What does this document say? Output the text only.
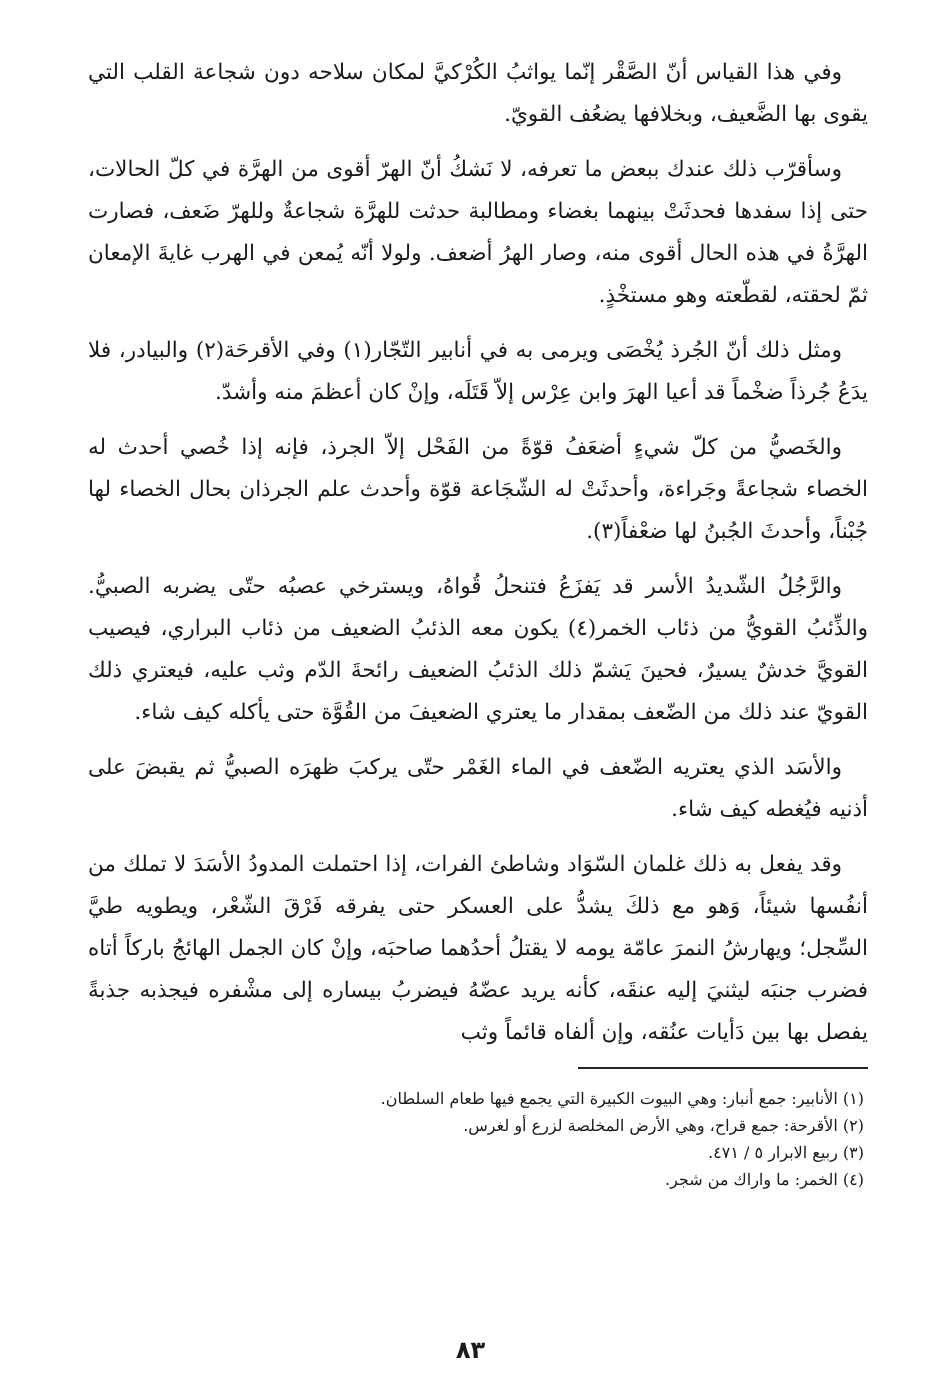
وفي هذا القياس أنّ الصَّقْر إنّما يواثبُ الكُرْكيَّ لمكان سلاحه دون شجاعة القلب التي يقوى بها الضَّعيف، وبخلافها يضعُف القويّ.

وسأقرّب ذلك عندك ببعض ما تعرفه، لا نَشكُ أنّ الهرّ أقوى من الهرَّة في كلّ الحالات، حتى إذا سفدها فحدثَتْ بينهما بغضاء ومطالبة حدثت للهرَّة شجاعةٌ وللهرّ ضَعف، فصارت الهرَّةُ في هذه الحال أقوى منه، وصار الهرُ أضعف. ولولا أنّه يُمعن في الهرب غايةَ الإمعان ثمّ لحقته، لقطّعته وهو مستخْذٍ.

ومثل ذلك أنّ الجُرذ يُخْصَى ويرمى به في أنابير التّجّار(١) وفي الأقرحَة(٢) والبيادر، فلا يدَعُ جُرذاً ضخْماً قد أعيا الهرَ وابن عِرْس إلاّ قَتَلَه، وإنْ كان أعظمَ منه وأشدّ.

والخَصيُّ من كلّ شيءٍ أضعَفُ قوّةً من الفَحْل إلاّ الجرذ، فإنه إذا خُصي أحدث له الخصاء شجاعةً وجَراءة، وأحدثَتْ له الشّجَاعة قوّة وأحدث علم الجرذان بحال الخصاء لها جُبْناً، وأحدثَ الجُبنُ لها ضعْفاً(٣).

والرَّجُلُ الشّديدُ الأسر قد يَفزَعُ فتنحلُ قُواهُ، ويسترخي عصبُه حتّى يضربه الصبيُّ. والذِّئبُ القويُّ من ذئاب الخمر(٤) يكون معه الذئبُ الضعيف من ذئاب البراري، فيصيب القويَّ خدشٌ يسيرٌ، فحينَ يَشمّ ذلك الذئبُ الضعيف رائحةَ الدّم وثب عليه، فيعتري ذلك القويّ عند ذلك من الضّعف بمقدار ما يعتري الضعيفَ من القُوَّة حتى يأكله كيف شاء.

والأسَد الذي يعتريه الضّعف في الماء الغَمْر حتّى يركبَ ظهرَه الصبيُّ ثم يقبضَ على أذنيه فيُغطه كيف شاء.

وقد يفعل به ذلك غلمان السّوَاد وشاطئ الفرات، إذا احتملت المدودُ الأسَدَ لا تملك من أنفُسها شيئاً، وَهو مع ذلكَ يشدُّ على العسكر حتى يفرقه فَرْقَ الشّعْر، ويطويه طيَّ السِّجل؛ ويهارشُ النمرَ عامّة يومه لا يقتلُ أحدُهما صاحبَه، وإنْ كان الجمل الهائجُ باركاً أتاه فضرب جنبَه ليثنيَ إليه عنقَه، كأنه يريد عضّهُ فيضربُ بيساره إلى مشْفره فيجذبه جذبةً يفصل بها بين دَأيات عنُقه، وإن ألفاه قائماً وثب

(١) الأنابير: جمع أنبار: وهي البيوت الكبيرة التي يجمع فيها طعام السلطان.

(٢) الأقرحة: جمع قراح، وهي الأرض المخلصة لزرع أو لغرس.

(٣) ربيع الابرار ٥ / ٤٧١.

(٤) الخمر: ما واراك من شجر.

٨٣
